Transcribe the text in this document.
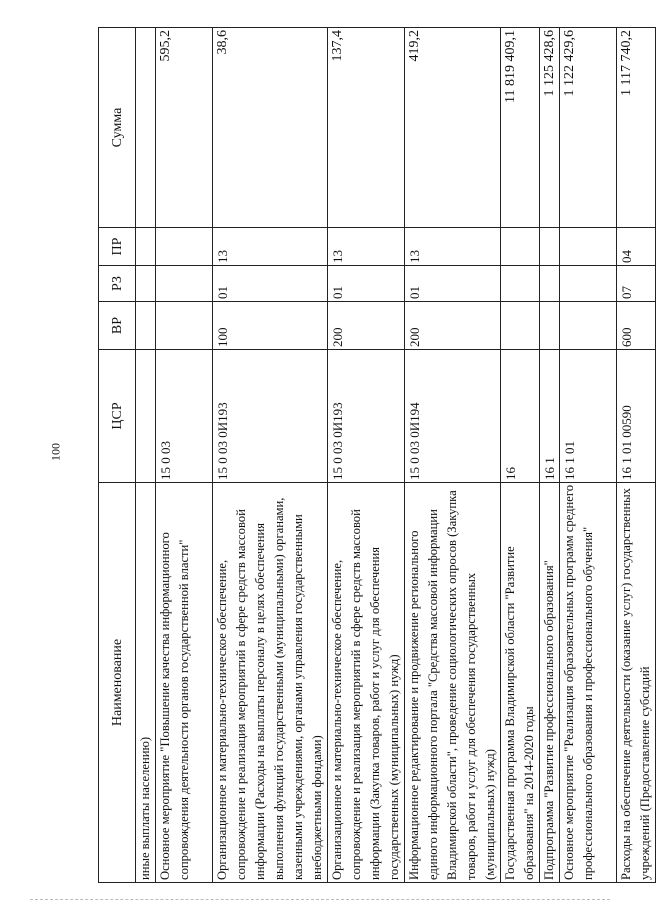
100
Наименование	ЦСР	ВР	РЗ	ПР	Сумма
иные выплаты населению)					
Основное мероприятие "Повышение качества информационного сопровождения деятельности органов государственной власти"	15 0 03				595,2
Организационное и материально-техническое обеспечение, сопровождение и реализация мероприятий в сфере средств массовой информации (Расходы на выплаты персоналу в целях обеспечения выполнения функций государственными (муниципальными) органами, казенными учреждениями, органами управления государственными внебюджетными фондами)	15 0 03 0И193	100	01	13	38,6
Организационное и материально-техническое обеспечение, сопровождение и реализация мероприятий в сфере средств массовой информации (Закупка товаров, работ и услуг для обеспечения государственных (муниципальных) нужд)	15 0 03 0И193	200	01	13	137,4
Информационное редактирование и продвижение регионального единого информационного портала "Средства массовой информации Владимирской области", проведение социологических опросов (Закупка товаров, работ и услуг для обеспечения государственных (муниципальных) нужд)	15 0 03 0И194	200	01	13	419,2
Государственная программа Владимирской области "Развитие образования" на 2014-2020 годы	16				11 819 409,1
Подпрограмма "Развитие профессионального образования"	16 1				1 125 428,6
Основное мероприятие "Реализация образовательных программ среднего профессионального образования и профессионального обучения"	16 1 01				1 122 429,6
Расходы на обеспечение деятельности (оказание услуг) государственных учреждений (Предоставление субсидий	16 1 01 00590	600	07	04	1 117 740,2
